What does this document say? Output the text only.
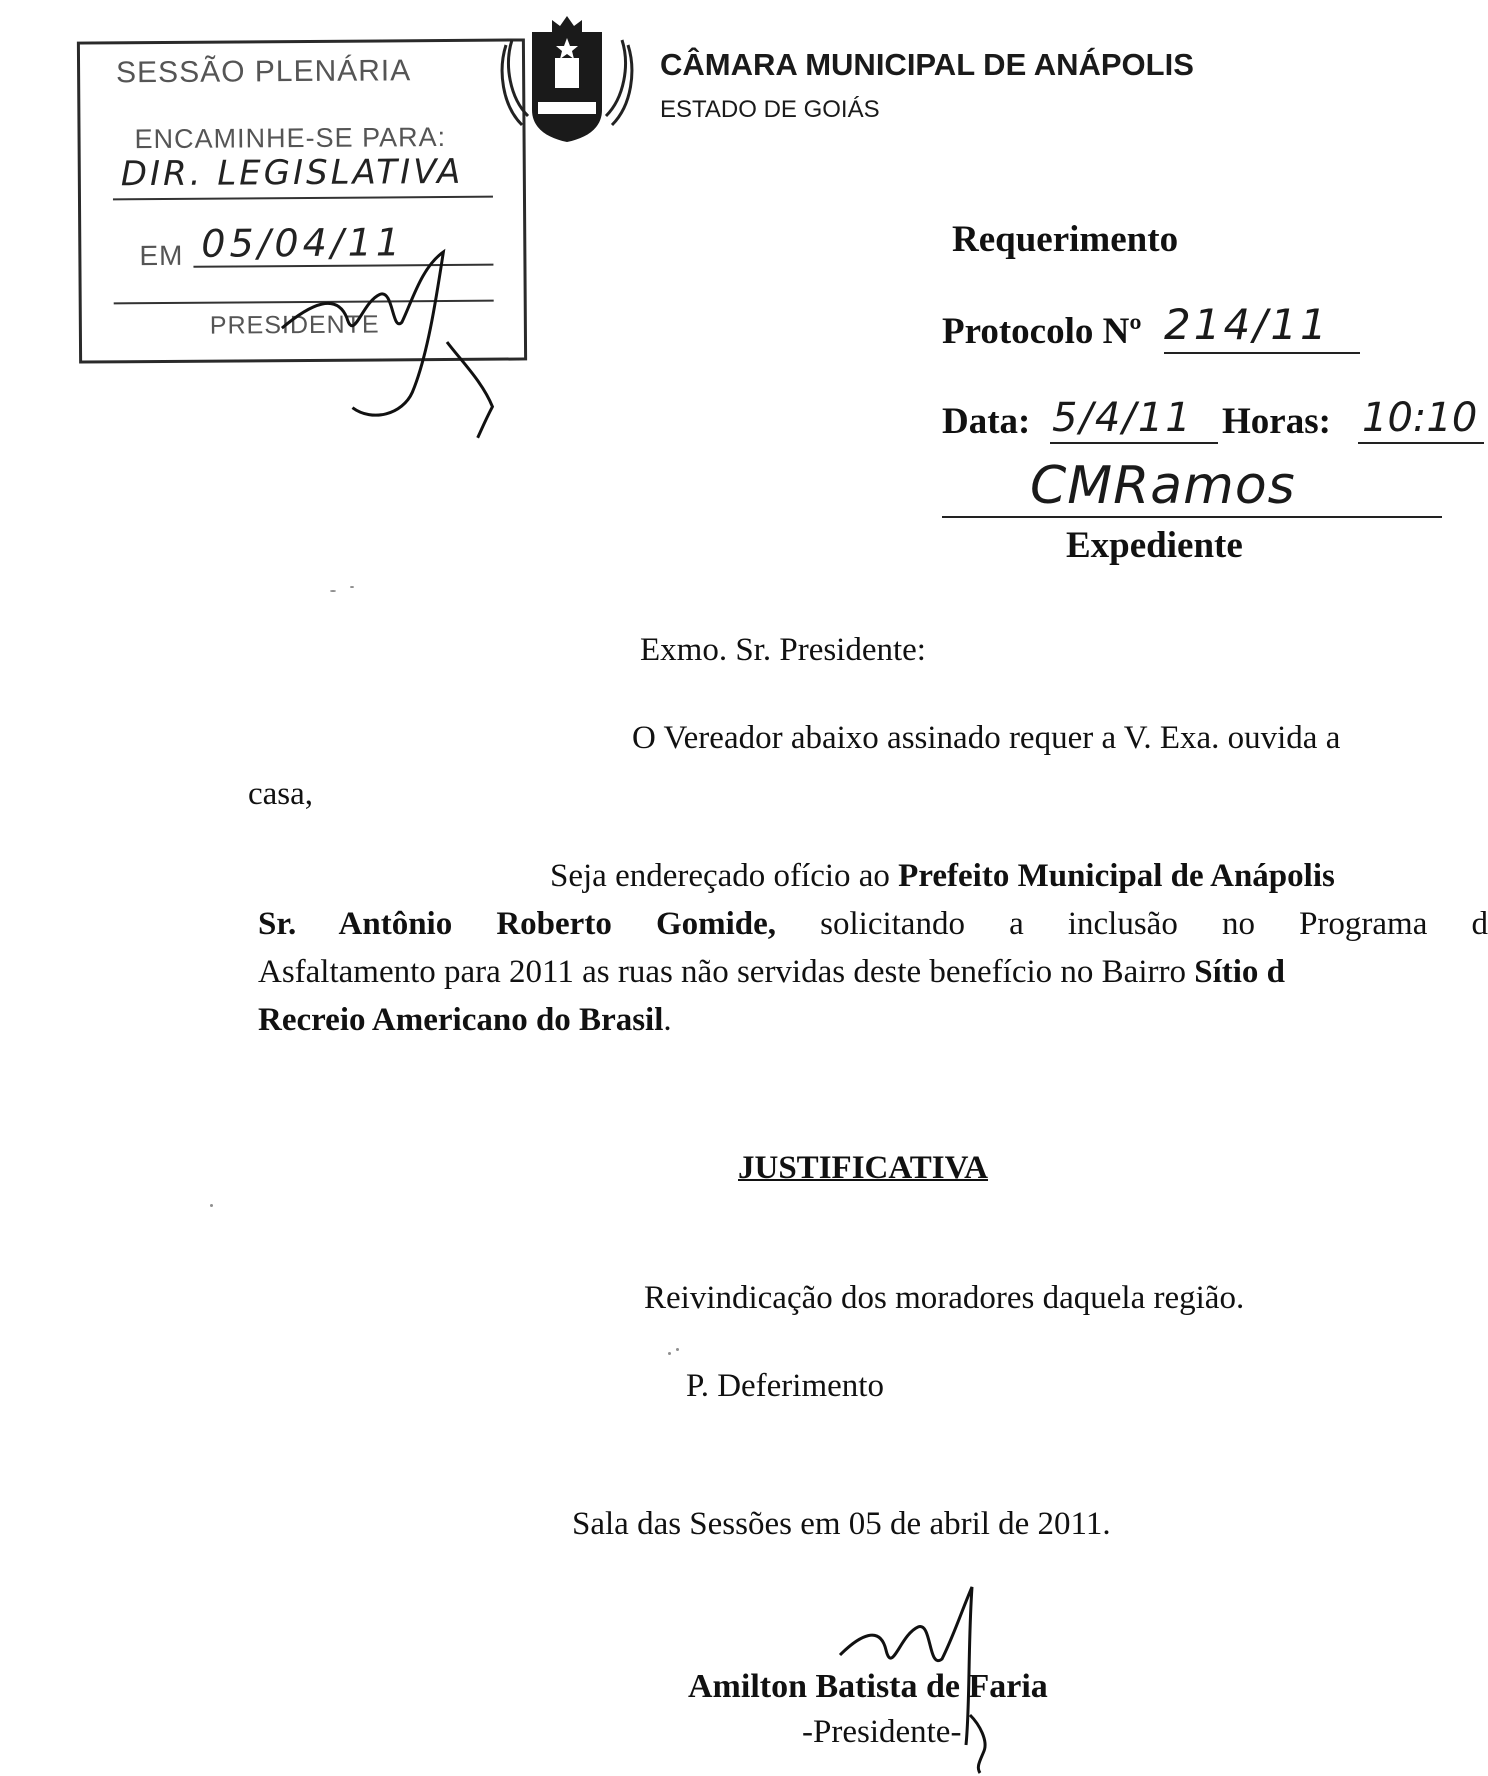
SESSÃO PLENÁRIA
ENCAMINHE-SE PARA:
DIR. LEGISLATIVA
EM 05/04/11
PRESIDENTE
CÂMARA MUNICIPAL DE ANÁPOLIS
ESTADO DE GOIÁS
Requerimento
Protocolo Nº 214/11
Data: 5/4/11 Horas: 10:10
CMRamos
Expediente
Exmo. Sr. Presidente:
O Vereador abaixo assinado requer a V. Exa. ouvida a
casa,
Seja endereçado ofício ao Prefeito Municipal de Anápolis
Sr. Antônio Roberto Gomide, solicitando a inclusão no Programa d
Asfaltamento para 2011 as ruas não servidas deste benefício no Bairro Sítio d
Recreio Americano do Brasil.
JUSTIFICATIVA
Reivindicação dos moradores daquela região.
P. Deferimento
Sala das Sessões em 05 de abril de 2011.
Amilton Batista de Faria
-Presidente-
